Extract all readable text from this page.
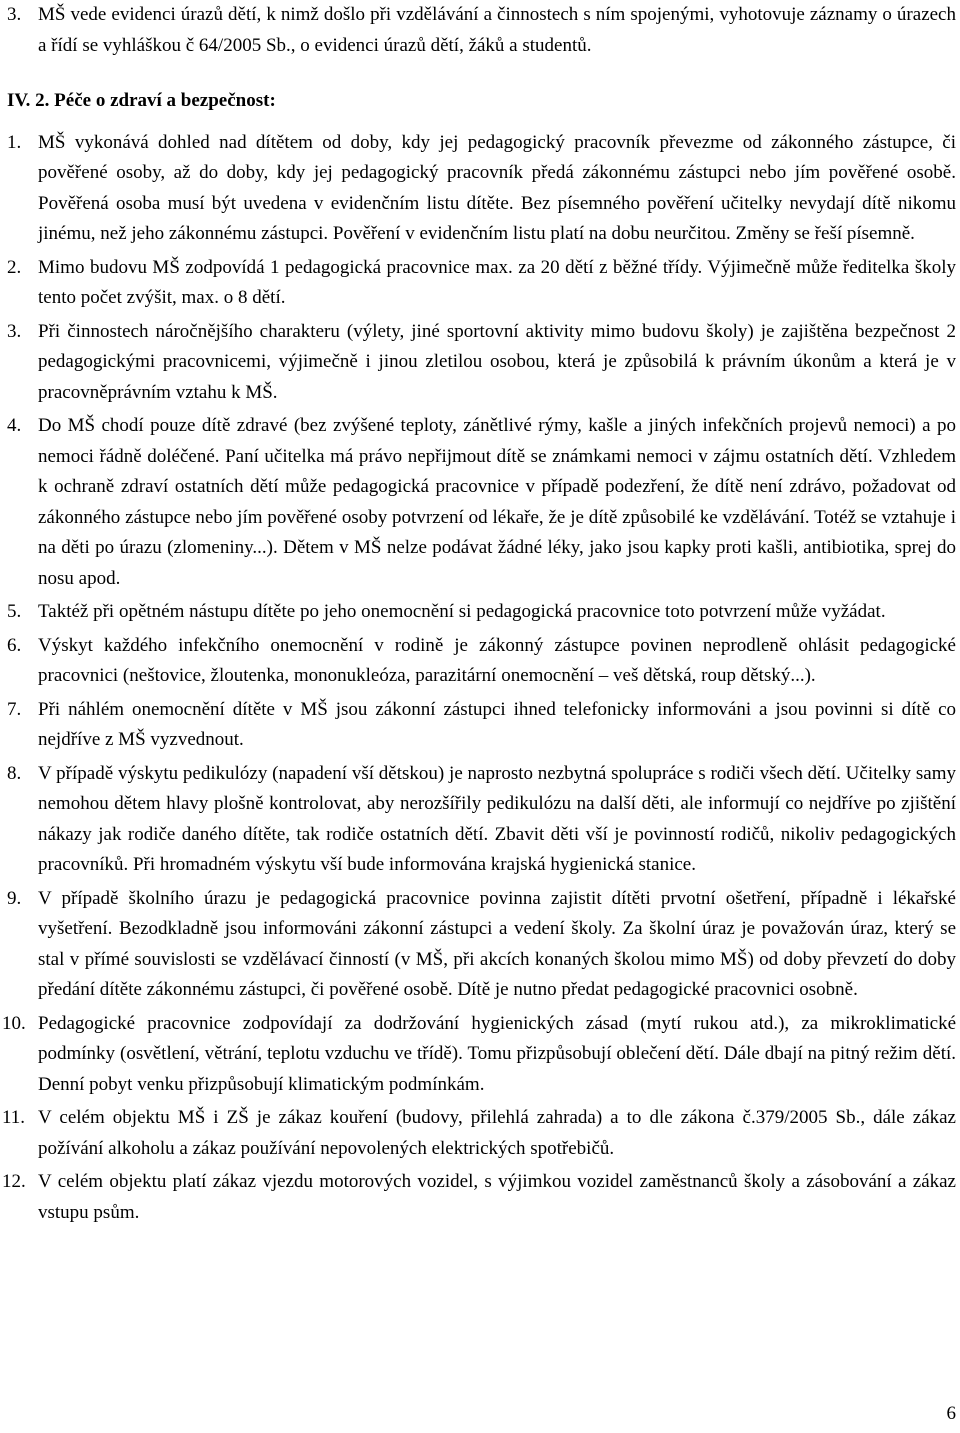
3. MŠ vede evidenci úrazů dětí, k nimž došlo při vzdělávání a činnostech s ním spojenými, vyhotovuje záznamy o úrazech a řídí se vyhláškou č 64/2005 Sb., o evidenci úrazů dětí, žáků a studentů.
IV. 2. Péče o zdraví a bezpečnost:
1. MŠ vykonává dohled nad dítětem od doby, kdy jej pedagogický pracovník převezme od zákonného zástupce, či pověřené osoby, až do doby, kdy jej pedagogický pracovník předá zákonnému zástupci nebo jím pověřené osobě. Pověřená osoba musí být uvedena v evidenčním listu dítěte. Bez písemného pověření učitelky nevydají dítě nikomu jinému, než jeho zákonnému zástupci. Pověření v evidenčním listu platí na dobu neurčitou. Změny se řeší písemně.
2. Mimo budovu MŠ zodpovídá 1 pedagogická pracovnice max. za 20 dětí z běžné třídy. Výjimečně může ředitelka školy tento počet zvýšit, max. o 8 dětí.
3. Při činnostech náročnějšího charakteru (výlety, jiné sportovní aktivity mimo budovu školy) je zajištěna bezpečnost 2 pedagogickými pracovnicemi, výjimečně i jinou zletilou osobou, která je způsobilá k právním úkonům a která je v pracovněprávním vztahu k MŠ.
4. Do MŠ chodí pouze dítě zdravé (bez zvýšené teploty, zánětlivé rýmy, kašle a jiných infekčních projevů nemoci) a po nemoci řádně doléčené. Paní učitelka má právo nepřijmout dítě se známkami nemoci v zájmu ostatních dětí. Vzhledem k ochraně zdraví ostatních dětí může pedagogická pracovnice v případě podezření, že dítě není zdrávo, požadovat od zákonného zástupce nebo jím pověřené osoby potvrzení od lékaře, že je dítě způsobilé ke vzdělávání. Totéž se vztahuje i na děti po úrazu (zlomeniny...). Dětem v MŠ nelze podávat žádné léky, jako jsou kapky proti kašli, antibiotika, sprej do nosu apod.
5. Taktéž při opětném nástupu dítěte po jeho onemocnění si pedagogická pracovnice toto potvrzení může vyžádat.
6. Výskyt každého infekčního onemocnění v rodině je zákonný zástupce povinen neprodleně ohlásit pedagogické pracovnici (neštovice, žloutenka, mononukleóza, parazitární onemocnění – veš dětská, roup dětský...).
7. Při náhlém onemocnění dítěte v MŠ jsou zákonní zástupci ihned telefonicky informováni a jsou povinni si dítě co nejdříve z MŠ vyzvednout.
8. V případě výskytu pedikulózy (napadení vší dětskou) je naprosto nezbytná spolupráce s rodiči všech dětí. Učitelky samy nemohou dětem hlavy plošně kontrolovat, aby nerozšířily pedikulózu na další děti, ale informují co nejdříve po zjištění nákazy jak rodiče daného dítěte, tak rodiče ostatních dětí. Zbavit děti vší je povinností rodičů, nikoliv pedagogických pracovníků. Při hromadném výskytu vší bude informována krajská hygienická stanice.
9. V případě školního úrazu je pedagogická pracovnice povinna zajistit dítěti prvotní ošetření, případně i lékařské vyšetření. Bezodkladně jsou informováni zákonní zástupci a vedení školy. Za školní úraz je považován úraz, který se stal v přímé souvislosti se vzdělávací činností (v MŠ, při akcích konaných školou mimo MŠ) od doby převzetí do doby předání dítěte zákonnému zástupci, či pověřené osobě. Dítě je nutno předat pedagogické pracovnici osobně.
10. Pedagogické pracovnice zodpovídají za dodržování hygienických zásad (mytí rukou atd.), za mikroklimatické podmínky (osvětlení, větrání, teplotu vzduchu ve třídě). Tomu přizpůsobují oblečení dětí. Dále dbají na pitný režim dětí. Denní pobyt venku přizpůsobují klimatickým podmínkám.
11. V celém objektu MŠ i ZŠ je zákaz kouření (budovy, přilehlá zahrada) a to dle zákona č.379/2005 Sb., dále zákaz požívání alkoholu a zákaz používání nepovolených elektrických spotřebičů.
12. V celém objektu platí zákaz vjezdu motorových vozidel, s výjimkou vozidel zaměstnanců školy a zásobování a zákaz vstupu psům.
6
